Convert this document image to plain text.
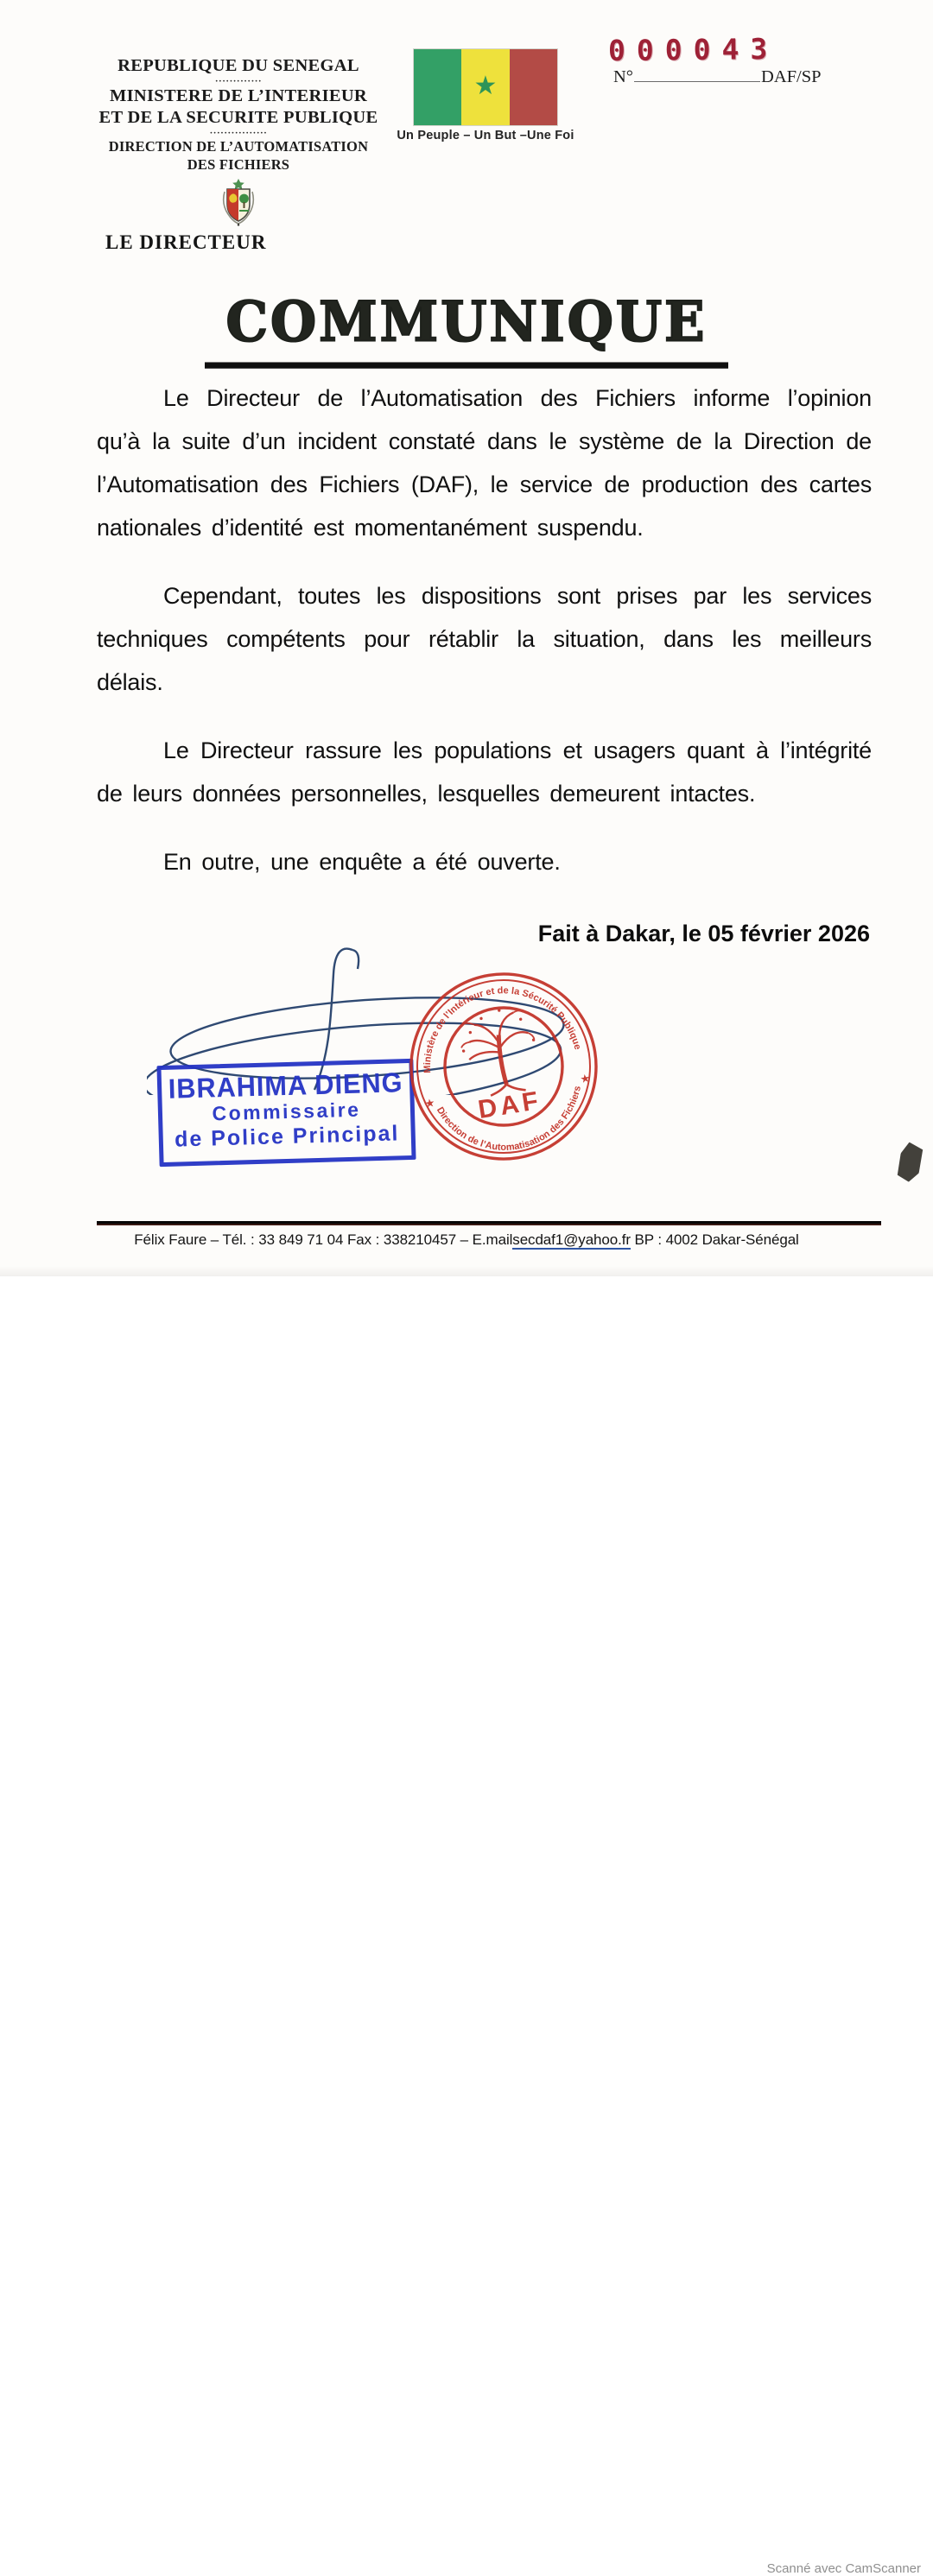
REPUBLIQUE DU SENEGAL
·············
MINISTERE DE L’INTERIEUR
ET DE LA SECURITE PUBLIQUE
················
DIRECTION DE L’AUTOMATISATION
DES FICHIERS
LE DIRECTEUR
★
Un Peuple – Un But –Une Foi
000043
N°	DAF/SP
COMMUNIQUE

Le Directeur de l’Automatisation des Fichiers informe l’opinion qu’à la suite d’un incident constaté dans le système de la Direction de l’Automatisation des Fichiers (DAF), le service de production des cartes nationales d’identité est momentanément suspendu.

Cependant, toutes les dispositions sont prises par les services techniques compétents pour rétablir la situation, dans les meilleurs délais.

Le Directeur rassure les populations et usagers quant à l’intégrité de leurs données personnelles, lesquelles demeurent intactes.

En outre, une enquête a été ouverte.

Fait à Dakar, le 05 février 2026
IBRAHIMA DIENG
Commissaire
de Police Principal
Ministère de l’Intérieur et de la Sécurité Publique
Direction de l’Automatisation des Fichiers
★
★
DAF
Félix Faure – Tél. : 33 849 71 04 Fax : 338210457 – E.mailsecdaf1@yahoo.fr BP : 4002 Dakar-Sénégal
Scanné avec CamScanner
